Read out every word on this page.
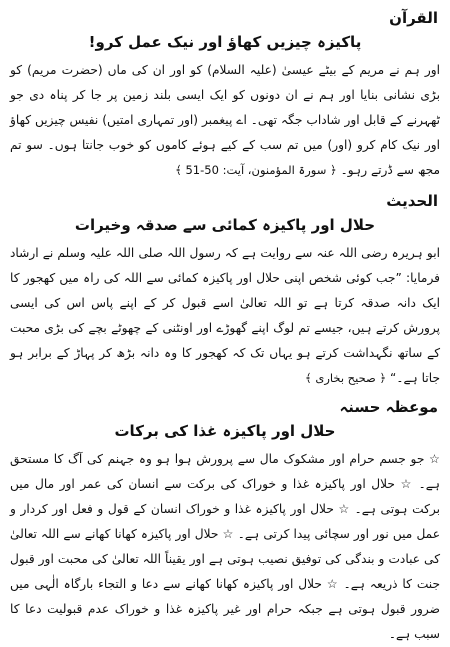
القرآن
پاکیزہ چیزیں کھاؤ اور نیک عمل کرو!

اور ہم نے مریم کے بیٹے عیسیٰ (علیہ السلام) کو اور ان کی ماں (حضرت مریم) کو بڑی نشانی بنایا اور ہم نے ان دونوں کو ایک ایسی بلند زمین پر جا کر پناہ دی جو ٹھہرنے کے قابل اور شاداب جگہ تھی۔ اے پیغمبر (اور تمہاری امتیں) نفیس چیزیں کھاؤ اور نیک کام کرو (اور) میں تم سب کے کیے ہوئے کاموں کو خوب جانتا ہوں۔ سو تم مجھ سے ڈرتے رہو۔ ﴿ سورۃ المؤمنون، آیت: 50-51 ﴾

الحدیث
حلال اور پاکیزہ کمائی سے صدقہ وخیرات

ابو ہریرہ رضی اللہ عنہ سے روایت ہے کہ رسول اللہ صلی اللہ علیہ وسلم نے ارشاد فرمایا: ”جب کوئی شخص اپنی حلال اور پاکیزہ کمائی سے اللہ کی راہ میں کھجور کا ایک دانہ صدقہ کرتا ہے تو اللہ تعالیٰ اسے قبول کر کے اپنے پاس اس کی ایسی پرورش کرتے ہیں، جیسے تم لوگ اپنے گھوڑے اور اونٹنی کے چھوٹے بچے کی بڑی محبت کے ساتھ نگہداشت کرتے ہو یہاں تک کہ کھجور کا وہ دانہ بڑھ کر پہاڑ کے برابر ہو جاتا ہے۔“ ﴿ صحیح بخاری ﴾

موعظہ حسنہ
حلال اور پاکیزہ غذا کی برکات

☆ جو جسم حرام اور مشکوک مال سے پرورش ہوا ہو وہ جہنم کی آگ کا مستحق ہے۔ ☆ حلال اور پاکیزہ غذا و خوراک کی برکت سے انسان کی عمر اور مال میں برکت ہوتی ہے۔ ☆ حلال اور پاکیزہ غذا و خوراک انسان کے قول و فعل اور کردار و عمل میں نور اور سچائی پیدا کرتی ہے۔ ☆ حلال اور پاکیزہ کھانا کھانے سے اللہ تعالیٰ کی عبادت و بندگی کی توفیق نصیب ہوتی ہے اور یقیناً اللہ تعالیٰ کی محبت اور قبول جنت کا ذریعہ ہے۔ ☆ حلال اور پاکیزہ کھانا کھانے سے دعا و التجاء بارگاہ الٰہی میں ضرور قبول ہوتی ہے جبکہ حرام اور غیر پاکیزہ غذا و خوراک عدم قبولیت دعا کا سبب ہے۔
